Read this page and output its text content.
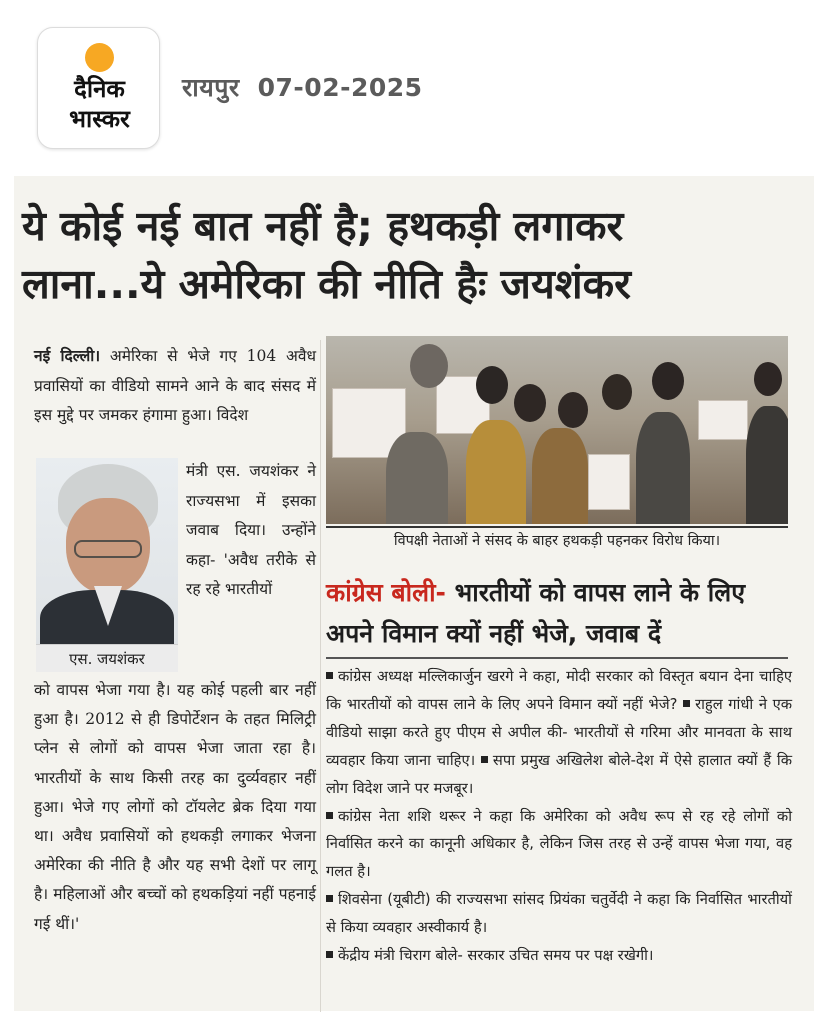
दैनिक
भास्कर
रायपुर 07-02-2025
ये कोई नई बात नहीं है; हथकड़ी लगाकर
लाना...ये अमेरिका की नीति हैः जयशंकर
नई दिल्ली। अमेरिका से भेजे गए 104 अवैध प्रवासियों का वीडियो सामने आने के बाद संसद में इस मुद्दे पर जमकर हंगामा हुआ। विदेश
एस. जयशंकर
मंत्री एस. जयशंकर ने राज्यसभा में इसका जवाब दिया। उन्होंने कहा- 'अवैध तरीके से रह रहे भारतीयों
को वापस भेजा गया है। यह कोई पहली बार नहीं हुआ है। 2012 से ही डिपोर्टेशन के तहत मिलिट्री प्लेन से लोगों को वापस भेजा जाता रहा है। भारतीयों के साथ किसी तरह का दुर्व्यवहार नहीं हुआ। भेजे गए लोगों को टॉयलेट ब्रेक दिया गया था। अवैध प्रवासियों को हथकड़ी लगाकर भेजना अमेरिका की नीति है और यह सभी देशों पर लागू है। महिलाओं और बच्चों को हथकड़ियां नहीं पहनाई गई थीं।'
विपक्षी नेताओं ने संसद के बाहर हथकड़ी पहनकर विरोध किया।
कांग्रेस बोली- भारतीयों को वापस लाने के लिए अपने विमान क्यों नहीं भेजे, जवाब दें

कांग्रेस अध्यक्ष मल्लिकार्जुन खरगे ने कहा, मोदी सरकार को विस्तृत बयान देना चाहिए कि भारतीयों को वापस लाने के लिए अपने विमान क्यों नहीं भेजे? राहुल गांधी ने एक वीडियो साझा करते हुए पीएम से अपील की- भारतीयों से गरिमा और मानवता के साथ व्यवहार किया जाना चाहिए। सपा प्रमुख अखिलेश बोले-देश में ऐसे हालात क्यों हैं कि लोग विदेश जाने पर मजबूर।

कांग्रेस नेता शशि थरूर ने कहा कि अमेरिका को अवैध रूप से रह रहे लोगों को निर्वासित करने का कानूनी अधिकार है, लेकिन जिस तरह से उन्हें वापस भेजा गया, वह गलत है।

शिवसेना (यूबीटी) की राज्यसभा सांसद प्रियंका चतुर्वेदी ने कहा कि निर्वासित भारतीयों से किया व्यवहार अस्वीकार्य है।

केंद्रीय मंत्री चिराग बोले- सरकार उचित समय पर पक्ष रखेगी।
